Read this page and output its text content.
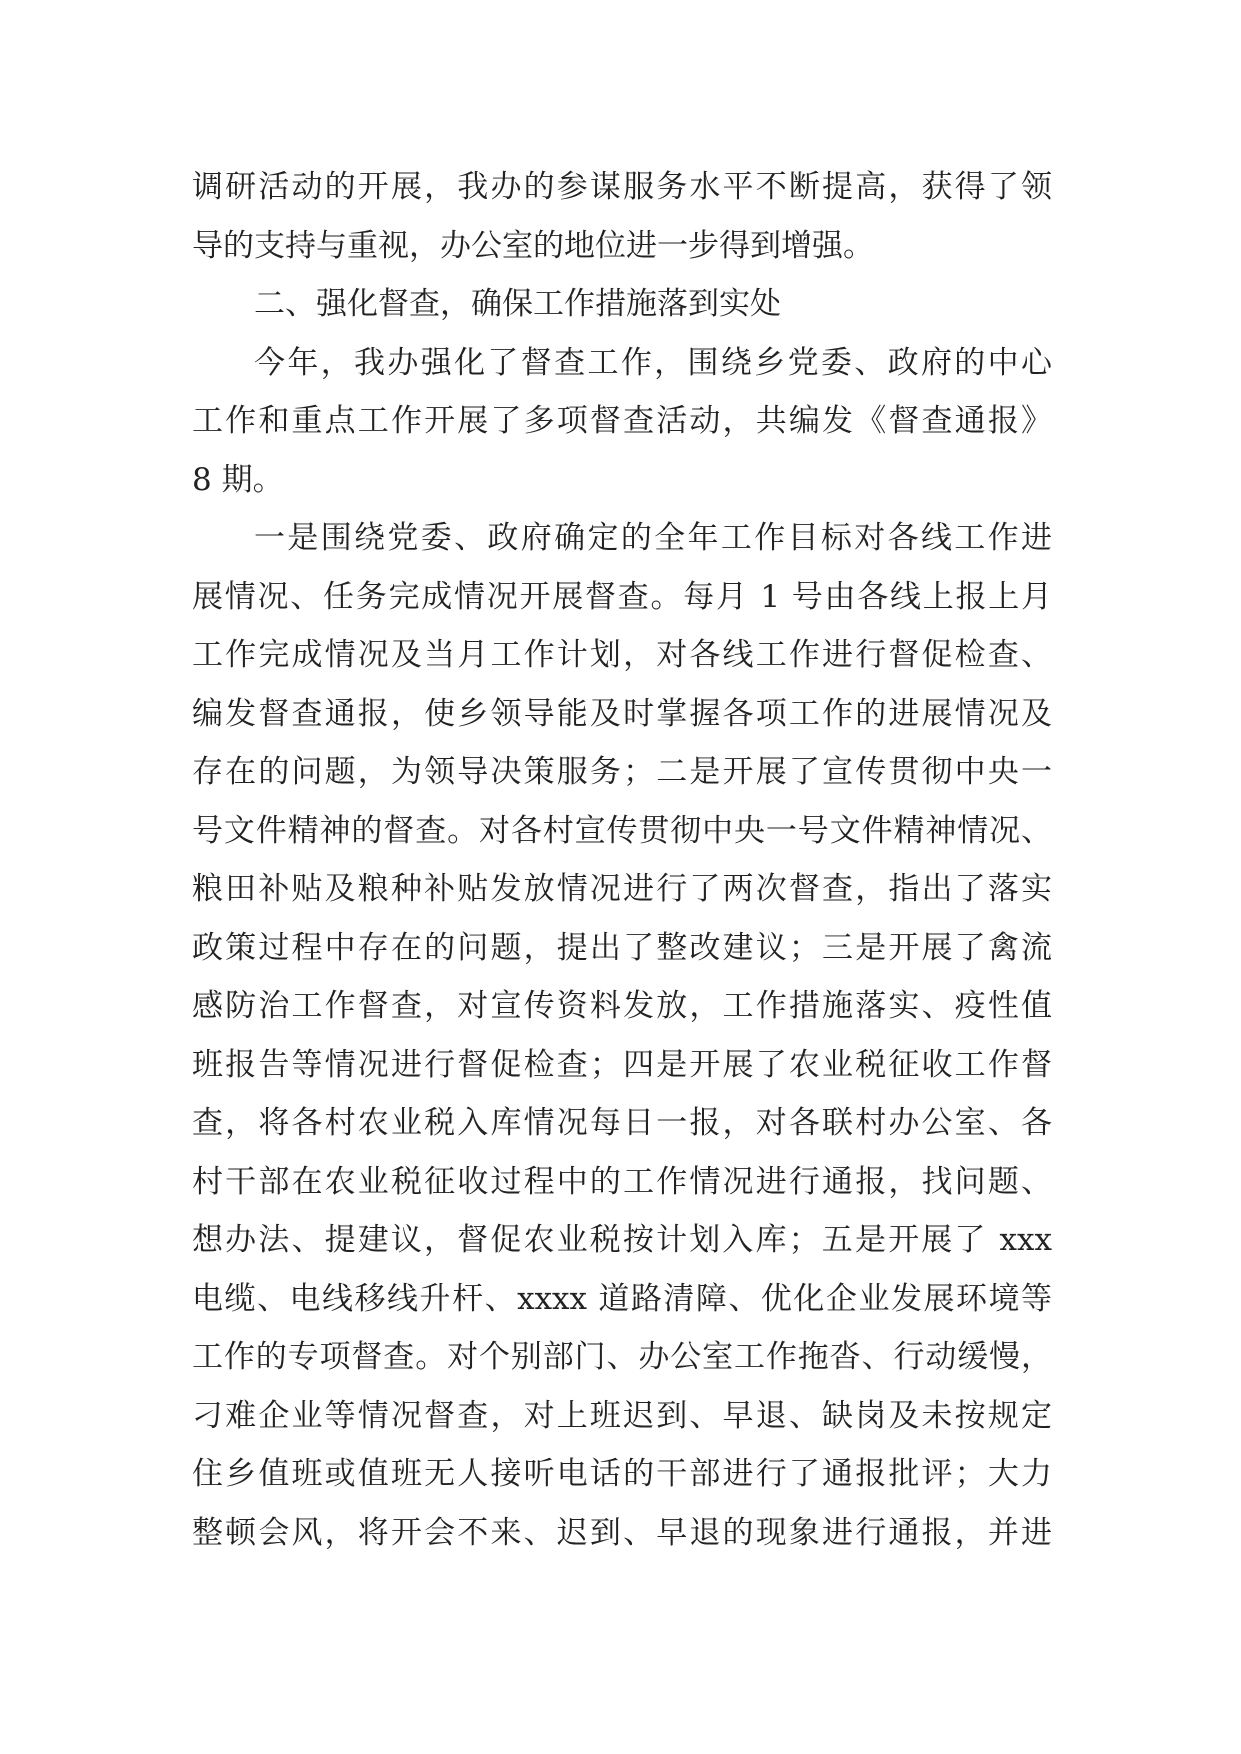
调研活动的开展，我办的参谋服务水平不断提高，获得了领
导的支持与重视，办公室的地位进一步得到增强。
二、强化督查，确保工作措施落到实处
今年，我办强化了督查工作，围绕乡党委、政府的中心
工作和重点工作开展了多项督查活动，共编发《督查通报》
8 期。
一是围绕党委、政府确定的全年工作目标对各线工作进
展情况、任务完成情况开展督查。每月 1 号由各线上报上月
工作完成情况及当月工作计划，对各线工作进行督促检查、
编发督查通报，使乡领导能及时掌握各项工作的进展情况及
存在的问题，为领导决策服务；二是开展了宣传贯彻中央一
号文件精神的督查。对各村宣传贯彻中央一号文件精神情况、
粮田补贴及粮种补贴发放情况进行了两次督查，指出了落实
政策过程中存在的问题，提出了整改建议；三是开展了禽流
感防治工作督查，对宣传资料发放，工作措施落实、疫性值
班报告等情况进行督促检查；四是开展了农业税征收工作督
查，将各村农业税入库情况每日一报，对各联村办公室、各
村干部在农业税征收过程中的工作情况进行通报，找问题、
想办法、提建议，督促农业税按计划入库；五是开展了 xxx
电缆、电线移线升杆、xxxx 道路清障、优化企业发展环境等
工作的专项督查。对个别部门、办公室工作拖沓、行动缓慢，
刁难企业等情况督查，对上班迟到、早退、缺岗及未按规定
住乡值班或值班无人接听电话的干部进行了通报批评；大力
整顿会风，将开会不来、迟到、早退的现象进行通报，并进
